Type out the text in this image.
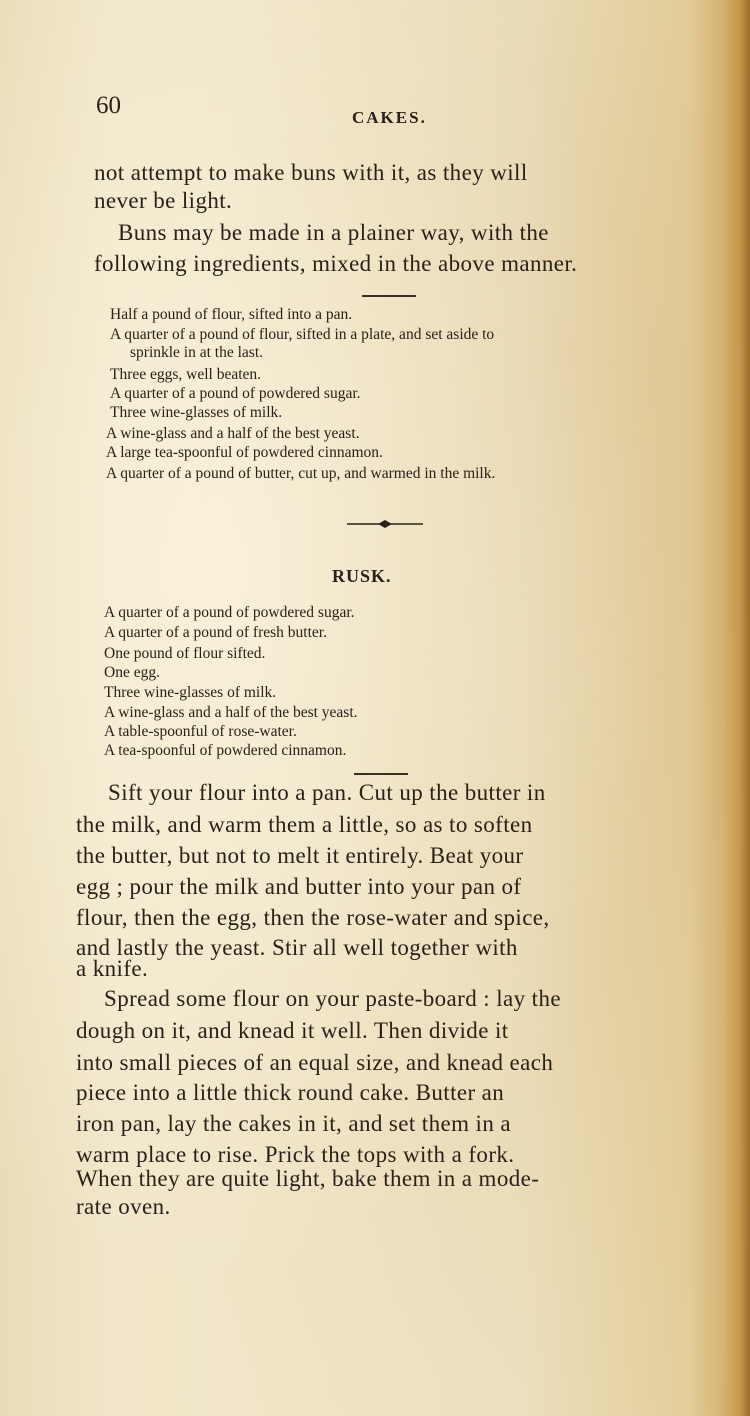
60	CAKES.
not attempt to make buns with it, as they will
never be light.
Buns may be made in a plainer way, with the
following ingredients, mixed in the above manner.
Half a pound of flour, sifted into a pan.
A quarter of a pound of flour, sifted in a plate, and set aside to
sprinkle in at the last.
Three eggs, well beaten.
A quarter of a pound of powdered sugar.
Three wine-glasses of milk.
A wine-glass and a half of the best yeast.
A large tea-spoonful of powdered cinnamon.
A quarter of a pound of butter, cut up, and warmed in the milk.
RUSK.
A quarter of a pound of powdered sugar.
A quarter of a pound of fresh butter.
One pound of flour sifted.
One egg.
Three wine-glasses of milk.
A wine-glass and a half of the best yeast.
A table-spoonful of rose-water.
A tea-spoonful of powdered cinnamon.
Sift your flour into a pan. Cut up the butter in
the milk, and warm them a little, so as to soften
the butter, but not to melt it entirely. Beat your
egg ; pour the milk and butter into your pan of
flour, then the egg, then the rose-water and spice,
and lastly the yeast. Stir all well together with
a knife.
Spread some flour on your paste-board : lay the
dough on it, and knead it well. Then divide it
into small pieces of an equal size, and knead each
piece into a little thick round cake. Butter an
iron pan, lay the cakes in it, and set them in a
warm place to rise. Prick the tops with a fork.
When they are quite light, bake them in a mode-
rate oven.
